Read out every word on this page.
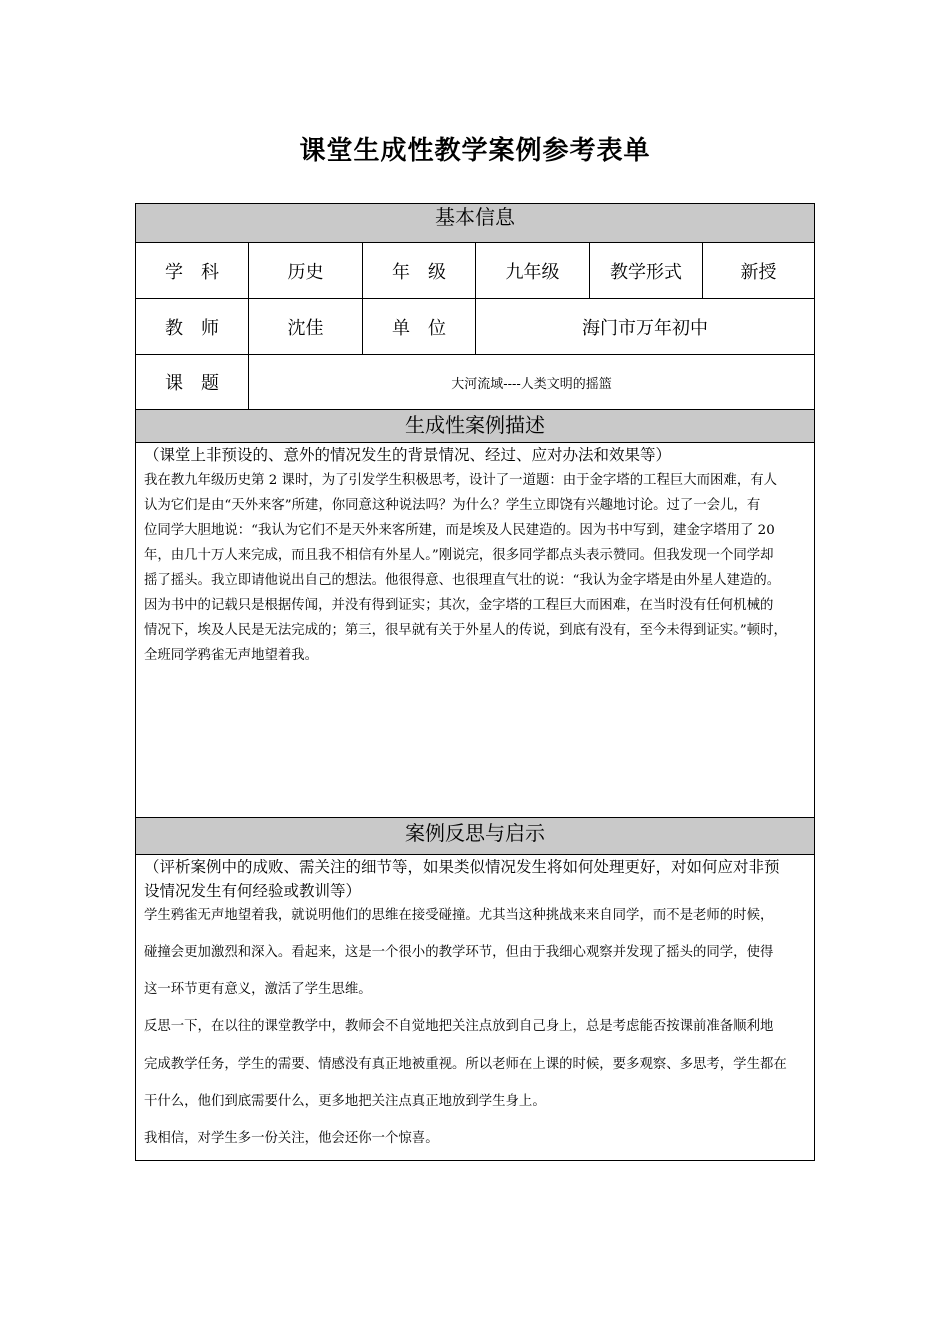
课堂生成性教学案例参考表单
基本信息
学　科	历史	年　级	九年级	教学形式	新授
教　师	沈佳	单　位	海门市万年初中
课　题	大河流域----人类文明的摇篮
生成性案例描述
（课堂上非预设的、意外的情况发生的背景情况、经过、应对办法和效果等）
我在教九年级历史第 2 课时，为了引发学生积极思考，设计了一道题：由于金字塔的工程巨大而困难，有人
认为它们是由“天外来客”所建，你同意这种说法吗？为什么？学生立即饶有兴趣地讨论。过了一会儿，有
位同学大胆地说：“我认为它们不是天外来客所建，而是埃及人民建造的。因为书中写到，建金字塔用了 20
年，由几十万人来完成，而且我不相信有外星人。”刚说完，很多同学都点头表示赞同。但我发现一个同学却
摇了摇头。我立即请他说出自己的想法。他很得意、也很理直气壮的说：“我认为金字塔是由外星人建造的。
因为书中的记载只是根据传闻，并没有得到证实；其次，金字塔的工程巨大而困难，在当时没有任何机械的
情况下，埃及人民是无法完成的；第三，很早就有关于外星人的传说，到底有没有，至今未得到证实。”顿时，
全班同学鸦雀无声地望着我。
案例反思与启示
（评析案例中的成败、需关注的细节等，如果类似情况发生将如何处理更好，对如何应对非预
设情况发生有何经验或教训等）
学生鸦雀无声地望着我，就说明他们的思维在接受碰撞。尤其当这种挑战来来自同学，而不是老师的时候，
碰撞会更加激烈和深入。看起来，这是一个很小的教学环节，但由于我细心观察并发现了摇头的同学，使得
这一环节更有意义，激活了学生思维。
反思一下，在以往的课堂教学中，教师会不自觉地把关注点放到自己身上，总是考虑能否按课前准备顺利地
完成教学任务，学生的需要、情感没有真正地被重视。所以老师在上课的时候，要多观察、多思考，学生都在
干什么，他们到底需要什么，更多地把关注点真正地放到学生身上。
我相信，对学生多一份关注，他会还你一个惊喜。
